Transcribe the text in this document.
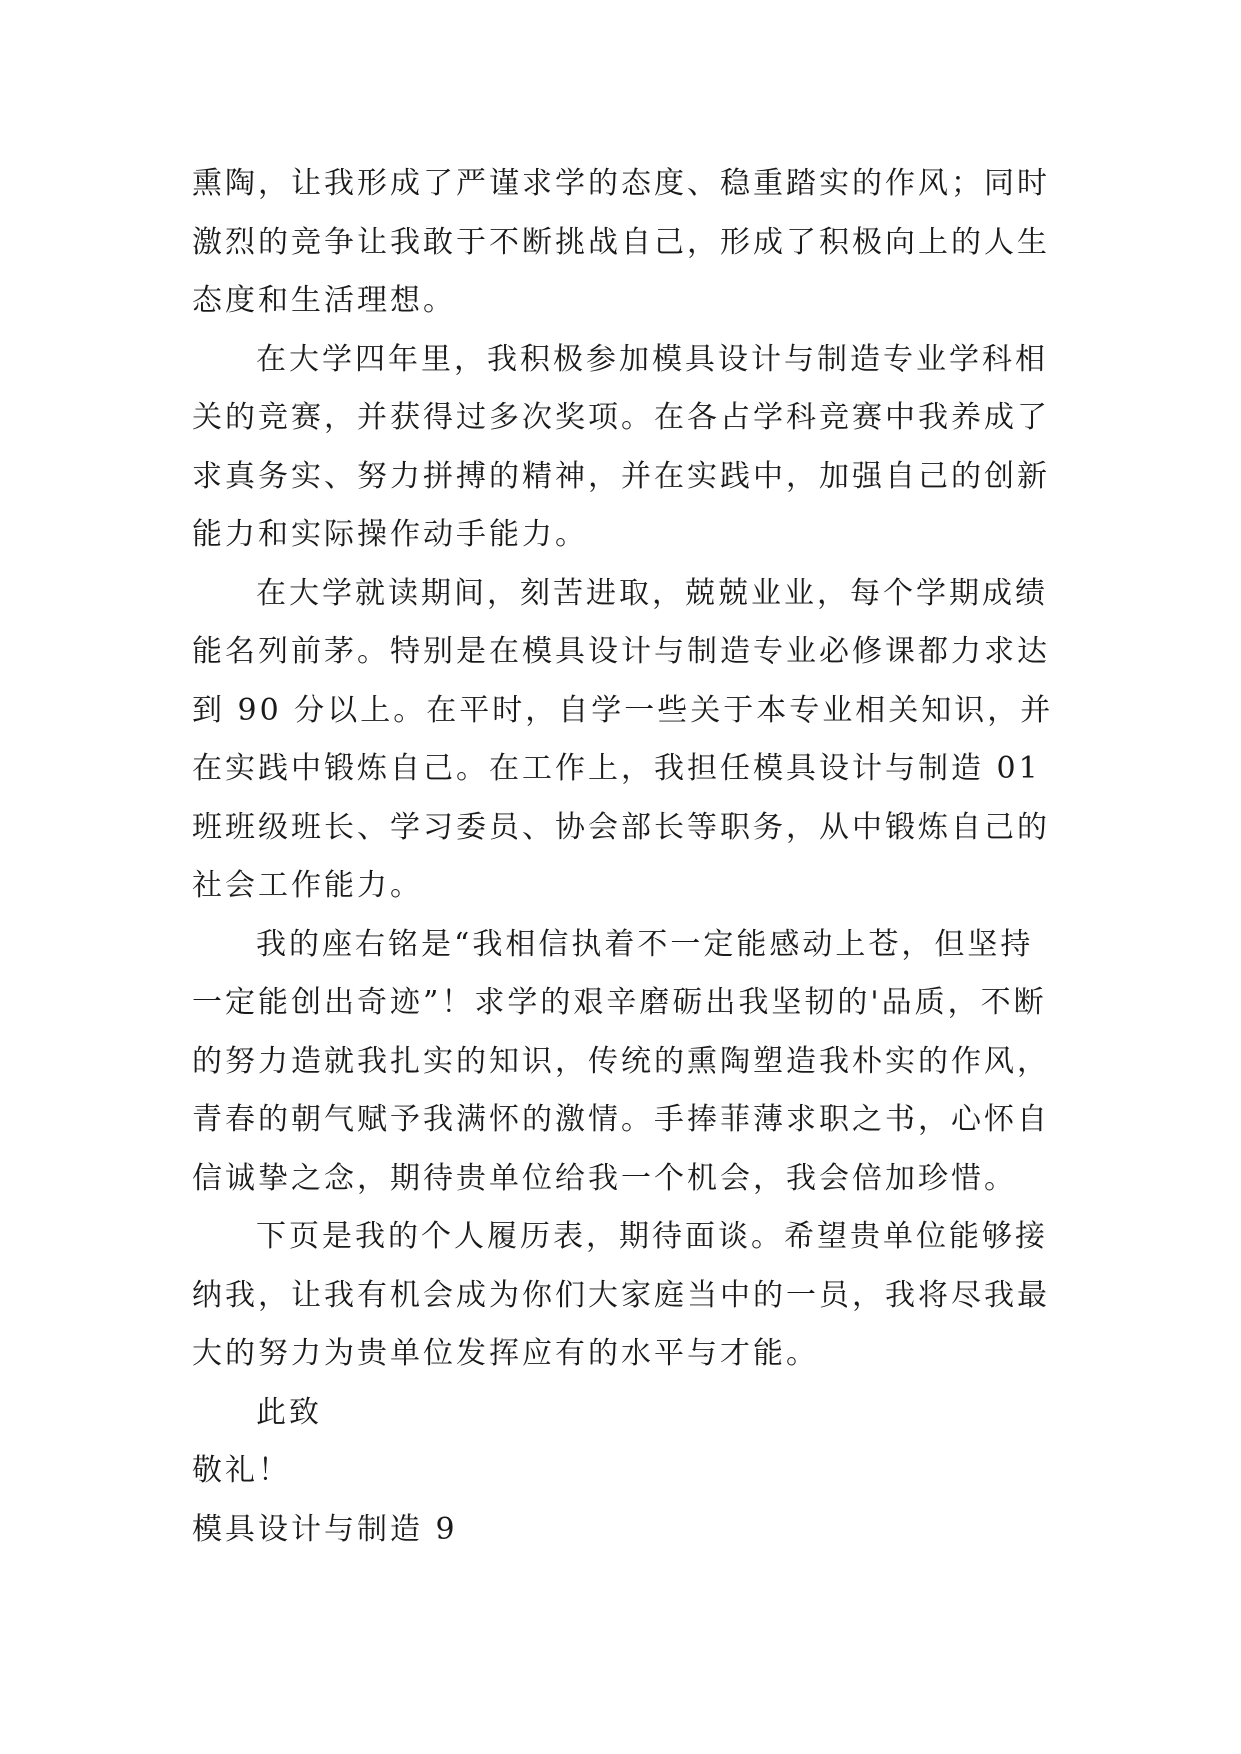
熏陶，让我形成了严谨求学的态度、稳重踏实的作风；同时
激烈的竞争让我敢于不断挑战自己，形成了积极向上的人生
态度和生活理想。
在大学四年里，我积极参加模具设计与制造专业学科相
关的竞赛，并获得过多次奖项。在各占学科竞赛中我养成了
求真务实、努力拼搏的精神，并在实践中，加强自己的创新
能力和实际操作动手能力。
在大学就读期间，刻苦进取，兢兢业业，每个学期成绩
能名列前茅。特别是在模具设计与制造专业必修课都力求达
到 90 分以上。在平时，自学一些关于本专业相关知识，并
在实践中锻炼自己。在工作上，我担任模具设计与制造 01
班班级班长、学习委员、协会部长等职务，从中锻炼自己的
社会工作能力。
我的座右铭是“我相信执着不一定能感动上苍，但坚持
一定能创出奇迹”！求学的艰辛磨砺出我坚韧的'品质，不断
的努力造就我扎实的知识，传统的熏陶塑造我朴实的作风，
青春的朝气赋予我满怀的激情。手捧菲薄求职之书，心怀自
信诚挚之念，期待贵单位给我一个机会，我会倍加珍惜。
下页是我的个人履历表，期待面谈。希望贵单位能够接
纳我，让我有机会成为你们大家庭当中的一员，我将尽我最
大的努力为贵单位发挥应有的水平与才能。
此致
敬礼！
模具设计与制造 9
